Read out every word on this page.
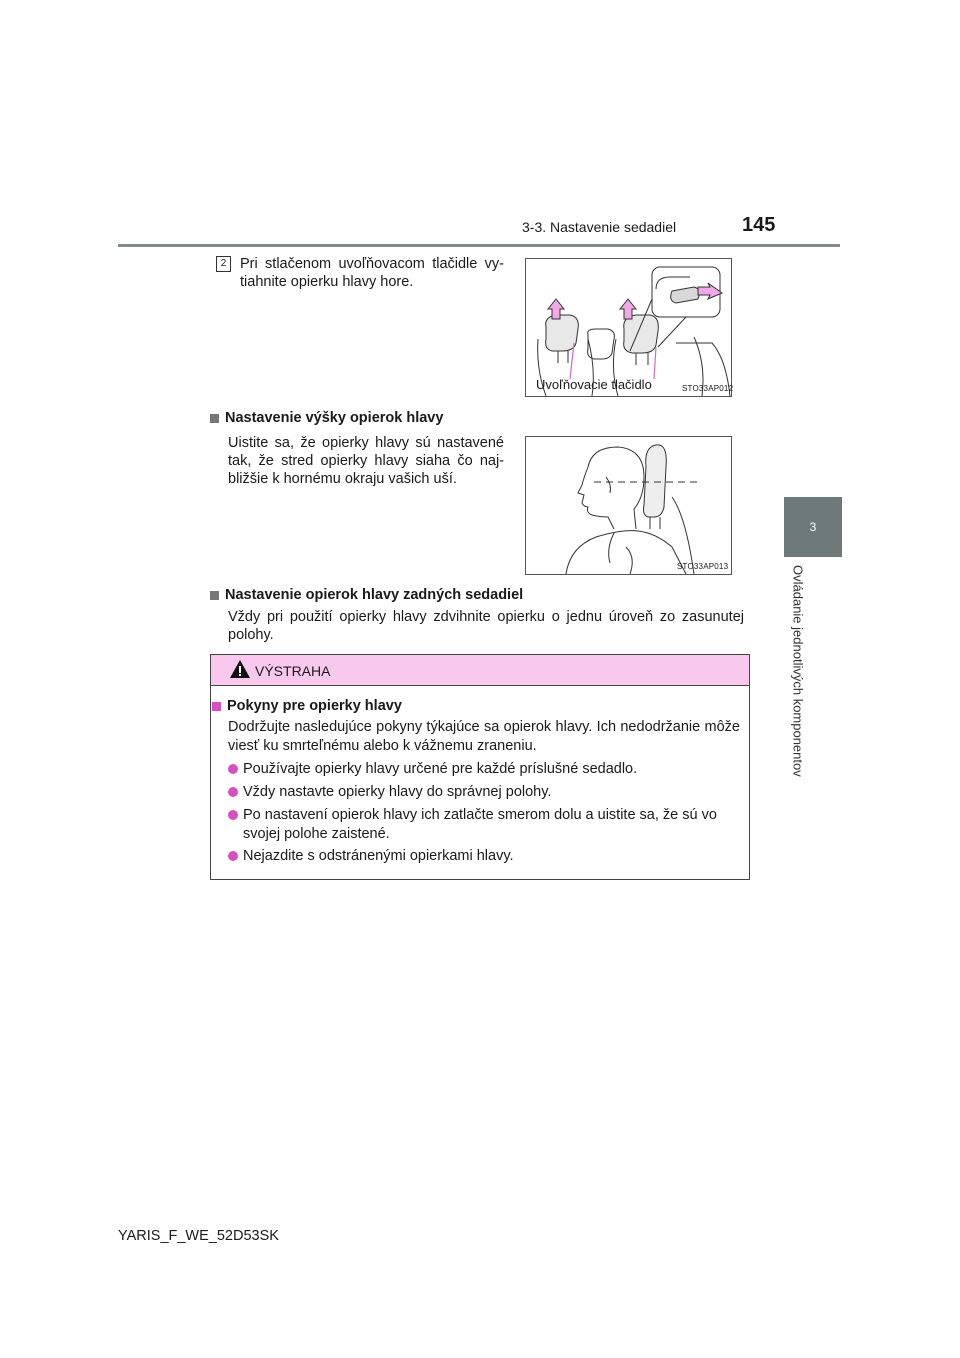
3-3. Nastavenie sedadiel	145
3
Ovládanie jednotlivých komponentov
2 Pri stlačenom uvoľňovacom tlačidle vy-tiahnite opierku hlavy hore.
Uvoľňovacie tlačidlo	STO33AP012
Nastavenie výšky opierok hlavy
Uistite sa, že opierky hlavy sú nastavené tak, že stred opierky hlavy siaha čo naj-bližšie k hornému okraju vašich uší.
STO33AP013
Nastavenie opierok hlavy zadných sedadiel
Vždy pri použití opierky hlavy zdvihnite opierku o jednu úroveň zo zasunutej polohy.
VÝSTRAHA
Pokyny pre opierky hlavy
Dodržujte nasledujúce pokyny týkajúce sa opierok hlavy. Ich nedodržanie môže viesť ku smrteľnému alebo k vážnemu zraneniu.
Používajte opierky hlavy určené pre každé príslušné sedadlo.
Vždy nastavte opierky hlavy do správnej polohy.
Po nastavení opierok hlavy ich zatlačte smerom dolu a uistite sa, že sú vo svojej polohe zaistené.
Nejazdite s odstránenými opierkami hlavy.
YARIS_F_WE_52D53SK
